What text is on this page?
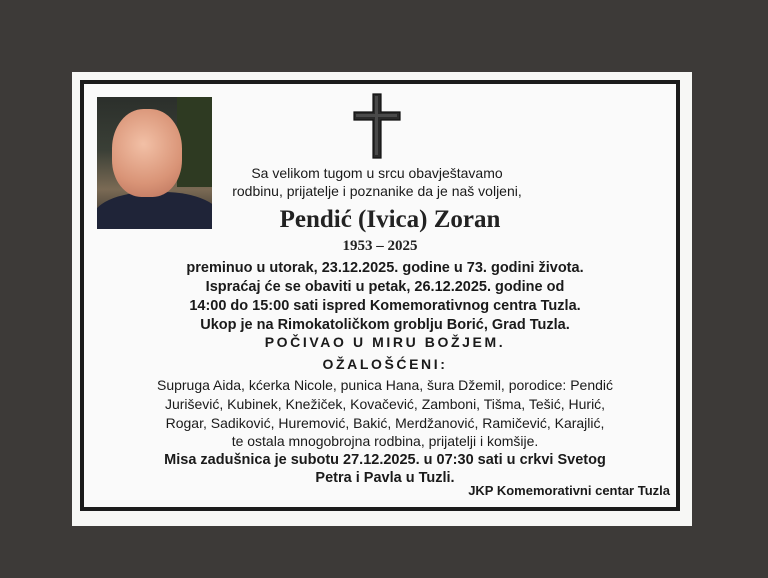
Sa velikom tugom u srcu obavještavamo
rodbinu, prijatelje i poznanike da je naš voljeni,
Pendić (Ivica) Zoran
1953 – 2025
preminuo u utorak, 23.12.2025. godine u 73. godini života.
Ispraćaj će se obaviti u petak, 26.12.2025. godine od
14:00 do 15:00 sati ispred Komemorativnog centra Tuzla.
Ukop je na Rimokatoličkom groblju Borić, Grad Tuzla.
POČIVAO U MIRU BOŽJEM.
OŽALOŠĆENI:
Supruga Aida, kćerka Nicole, punica Hana, šura Džemil, porodice: Pendić
Jurišević, Kubinek, Knežiček, Kovačević, Zamboni, Tišma, Tešić, Hurić,
Rogar, Sadiković, Huremović, Bakić, Merdžanović, Ramičević, Karajlić,
te ostala mnogobrojna rodbina, prijatelji i komšije.
Misa zadušnica je subotu 27.12.2025. u 07:30 sati u crkvi Svetog
Petra i Pavla u Tuzli.
JKP Komemorativni centar Tuzla
